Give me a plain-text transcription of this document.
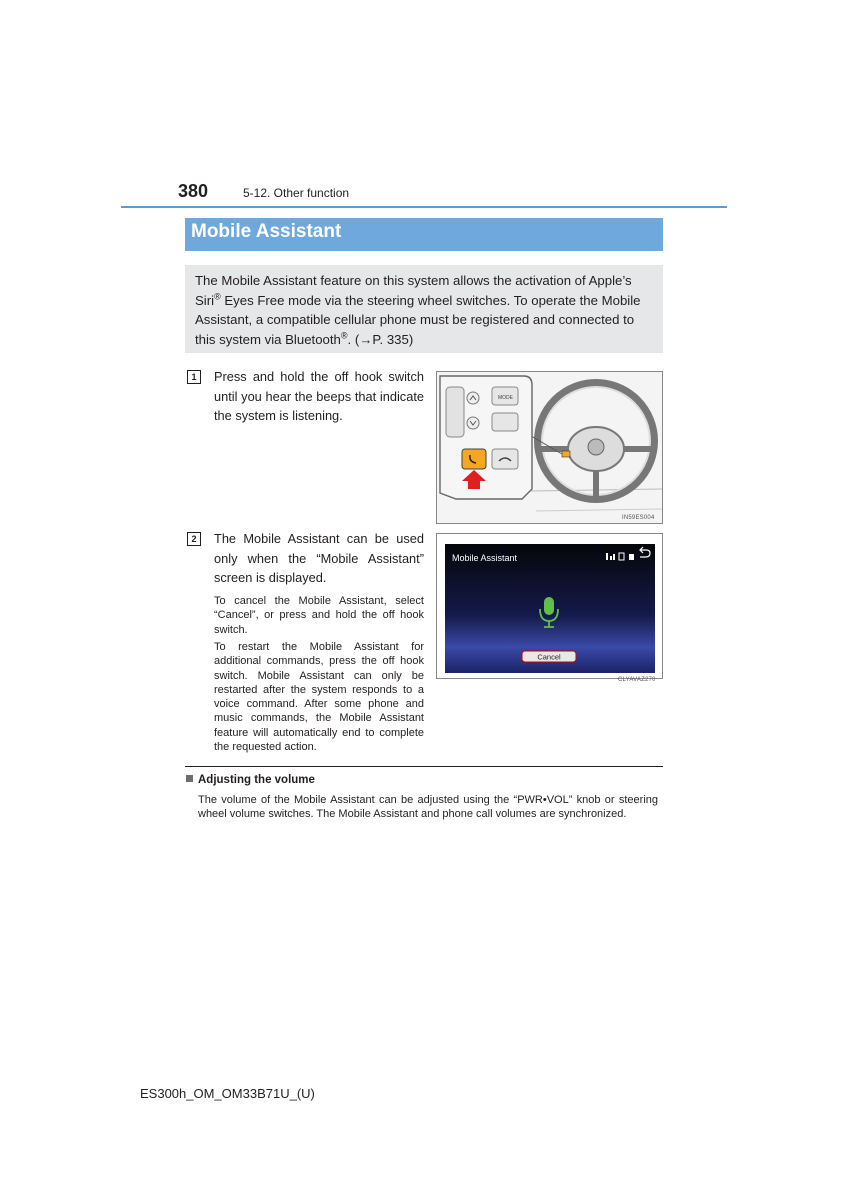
380	5-12. Other function
Mobile Assistant
The Mobile Assistant feature on this system allows the activation of Apple’s Siri® Eyes Free mode via the steering wheel switches. To operate the Mobile Assistant, a compatible cellular phone must be registered and connected to this system via Bluetooth®. (→P. 335)
1	Press and hold the off hook switch until you hear the beeps that indicate the system is listening.
MODE
IN59ES004
2	The Mobile Assistant can be used only when the “Mobile Assistant” screen is displayed.
To cancel the Mobile Assistant, select “Cancel”, or press and hold the off hook switch.
To restart the Mobile Assistant for additional commands, press the off hook switch. Mobile Assistant can only be restarted after the system responds to a voice command. After some phone and music commands, the Mobile Assistant feature will automatically end to complete the requested action.
Mobile Assistant
Cancel
CLYAVAZ270
Adjusting the volume
The volume of the Mobile Assistant can be adjusted using the “PWR•VOL” knob or steering wheel volume switches. The Mobile Assistant and phone call volumes are synchronized.
ES300h_OM_OM33B71U_(U)
